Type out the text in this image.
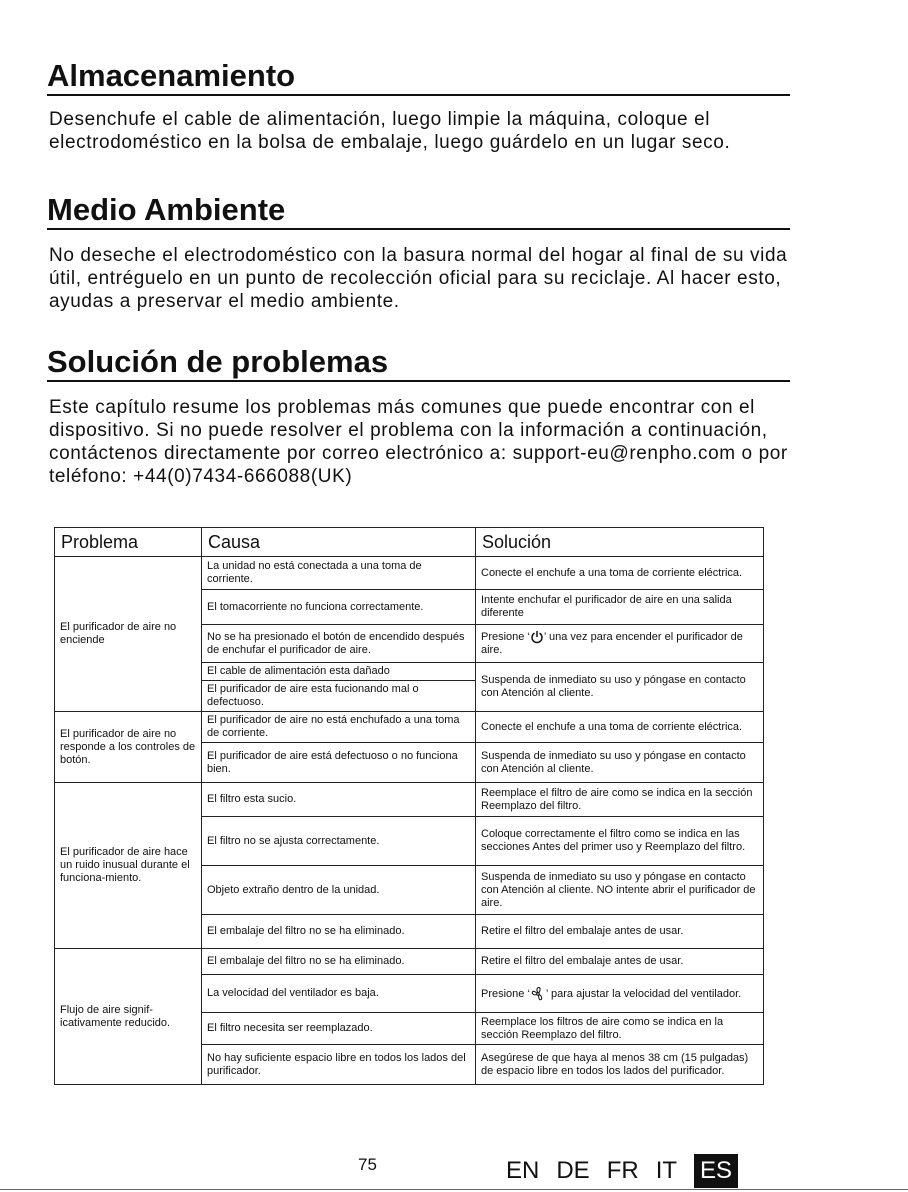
Almacenamiento

Desenchufe el cable de alimentación, luego limpie la máquina, coloque el electrodoméstico en la bolsa de embalaje, luego guárdelo en un lugar seco.

Medio Ambiente

No deseche el electrodoméstico con la basura normal del hogar al final de su vida útil, entréguelo en un punto de recolección oficial para su reciclaje. Al hacer esto, ayudas a preservar el medio ambiente.

Solución de problemas

Este capítulo resume los problemas más comunes que puede encontrar con el dispositivo. Si no puede resolver el problema con la información a continuación, contáctenos directamente por correo electrónico a: support-eu@renpho.com o por teléfono: +44(0)7434-666088(UK)

Problema	Causa	Solución
El purificador de aire no enciende	La unidad no está conectada a una toma de corriente.	Conecte el enchufe a una toma de corriente eléctrica.
	El tomacorriente no funciona correctamente.	Intente enchufar el purificador de aire en una salida diferente
	No se ha presionado el botón de encendido después de enchufar el purificador de aire.	Presione ‘ ’ una vez para encender el purificador de aire.
	El cable de alimentación esta dañado	Suspenda de inmediato su uso y póngase en contacto con Atención al cliente.
	El purificador de aire esta fucionando mal o defectuoso.	
El purificador de aire no responde a los controles de botón.	El purificador de aire no está enchufado a una toma de corriente.	Conecte el enchufe a una toma de corriente eléctrica.
	El purificador de aire está defectuoso o no funciona bien.	Suspenda de inmediato su uso y póngase en contacto con Atención al cliente.
El purificador de aire hace un ruido inusual durante el funciona-miento.	El filtro esta sucio.	Reemplace el filtro de aire como se indica en la sección Reemplazo del filtro.
	El filtro no se ajusta correctamente.	Coloque correctamente el filtro como se indica en las secciones Antes del primer uso y Reemplazo del filtro.
	Objeto extraño dentro de la unidad.	Suspenda de inmediato su uso y póngase en contacto con Atención al cliente. NO intente abrir el purificador de aire.
	El embalaje del filtro no se ha eliminado.	Retire el filtro del embalaje antes de usar.
Flujo de aire signif-icativamente reducido.	El embalaje del filtro no se ha eliminado.	Retire el filtro del embalaje antes de usar.
	La velocidad del ventilador es baja.	Presione ‘ ’ para ajustar la velocidad del ventilador.
	El filtro necesita ser reemplazado.	Reemplace los filtros de aire como se indica en la sección Reemplazo del filtro.
	No hay suficiente espacio libre en todos los lados del purificador.	Asegúrese de que haya al menos 38 cm (15 pulgadas) de espacio libre en todos los lados del purificador.
75	EN DE FR IT ES
